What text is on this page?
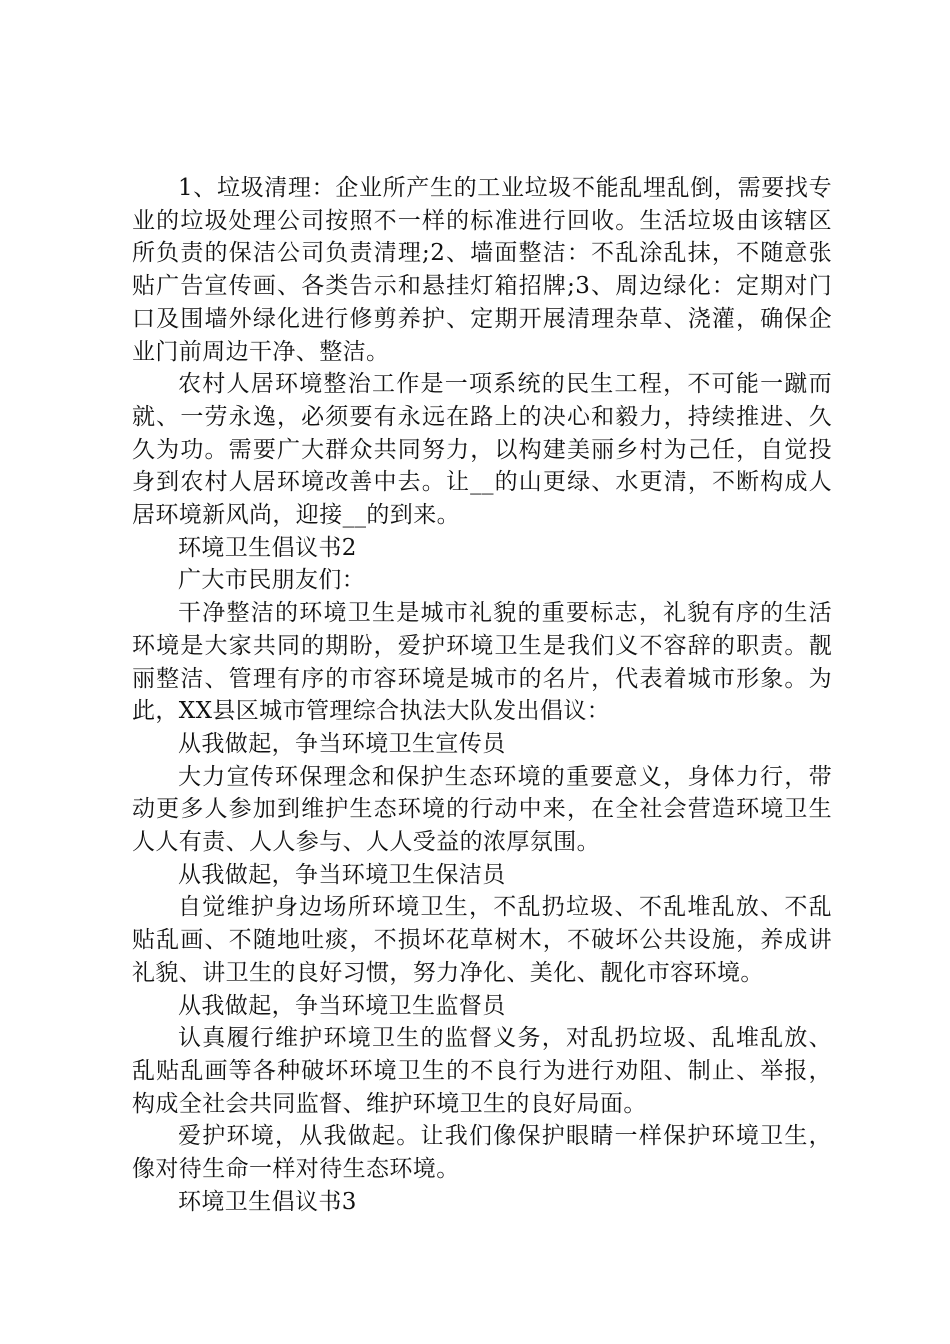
1、垃圾清理：企业所产生的工业垃圾不能乱埋乱倒，需要找专业的垃圾处理公司按照不一样的标准进行回收。生活垃圾由该辖区所负责的保洁公司负责清理;2、墙面整洁：不乱涂乱抹，不随意张贴广告宣传画、各类告示和悬挂灯箱招牌;3、周边绿化：定期对门口及围墙外绿化进行修剪养护、定期开展清理杂草、浇灌，确保企业门前周边干净、整洁。

农村人居环境整治工作是一项系统的民生工程，不可能一蹴而就、一劳永逸，必须要有永远在路上的决心和毅力，持续推进、久久为功。需要广大群众共同努力，以构建美丽乡村为己任，自觉投身到农村人居环境改善中去。让__的山更绿、水更清，不断构成人居环境新风尚，迎接__的到来。

环境卫生倡议书2

广大市民朋友们：

干净整洁的环境卫生是城市礼貌的重要标志，礼貌有序的生活环境是大家共同的期盼，爱护环境卫生是我们义不容辞的职责。靓丽整洁、管理有序的市容环境是城市的名片，代表着城市形象。为此，XX县区城市管理综合执法大队发出倡议：

从我做起，争当环境卫生宣传员

大力宣传环保理念和保护生态环境的重要意义，身体力行，带动更多人参加到维护生态环境的行动中来，在全社会营造环境卫生人人有责、人人参与、人人受益的浓厚氛围。

从我做起，争当环境卫生保洁员

自觉维护身边场所环境卫生，不乱扔垃圾、不乱堆乱放、不乱贴乱画、不随地吐痰，不损坏花草树木，不破坏公共设施，养成讲礼貌、讲卫生的良好习惯，努力净化、美化、靓化市容环境。

从我做起，争当环境卫生监督员

认真履行维护环境卫生的监督义务，对乱扔垃圾、乱堆乱放、乱贴乱画等各种破坏环境卫生的不良行为进行劝阻、制止、举报，构成全社会共同监督、维护环境卫生的良好局面。

爱护环境，从我做起。让我们像保护眼睛一样保护环境卫生，像对待生命一样对待生态环境。

环境卫生倡议书3
